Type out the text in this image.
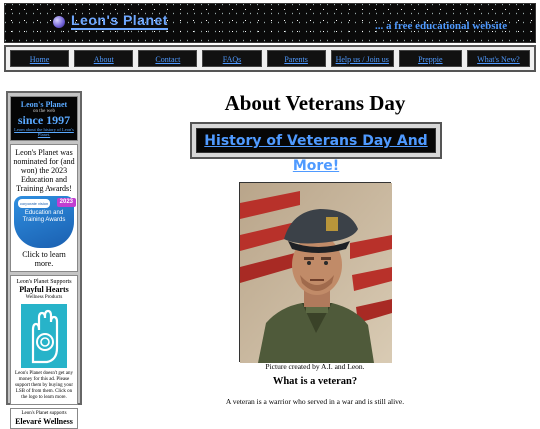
Leon's Planet	... a free educational website
Home	About	Contact	FAQs	Parents	Help us / Join us	Preppie	What's New?
Leon's Planet
on the web
since 1997
Learn about the history of Leon's Planet.
Leon's Planet was nominated for (and won) the 2023 Education and Training Awards!
corporate vision	2023
Education and Training Awards
Click to learn more.
Leon's Planet Supports
Playful Hearts
Wellness Products
Leon's Planet doesn't get any money for this ad. Please support them by buying your LSB of from them. Click on the logo to learn more.
Leon's Planet supports
Elevaré Wellness
About Veterans Day
History of Veterans Day And More!
Picture created by A.I. and Leon.
What is a veteran?

A veteran is a warrior who served in a war and is still alive.
